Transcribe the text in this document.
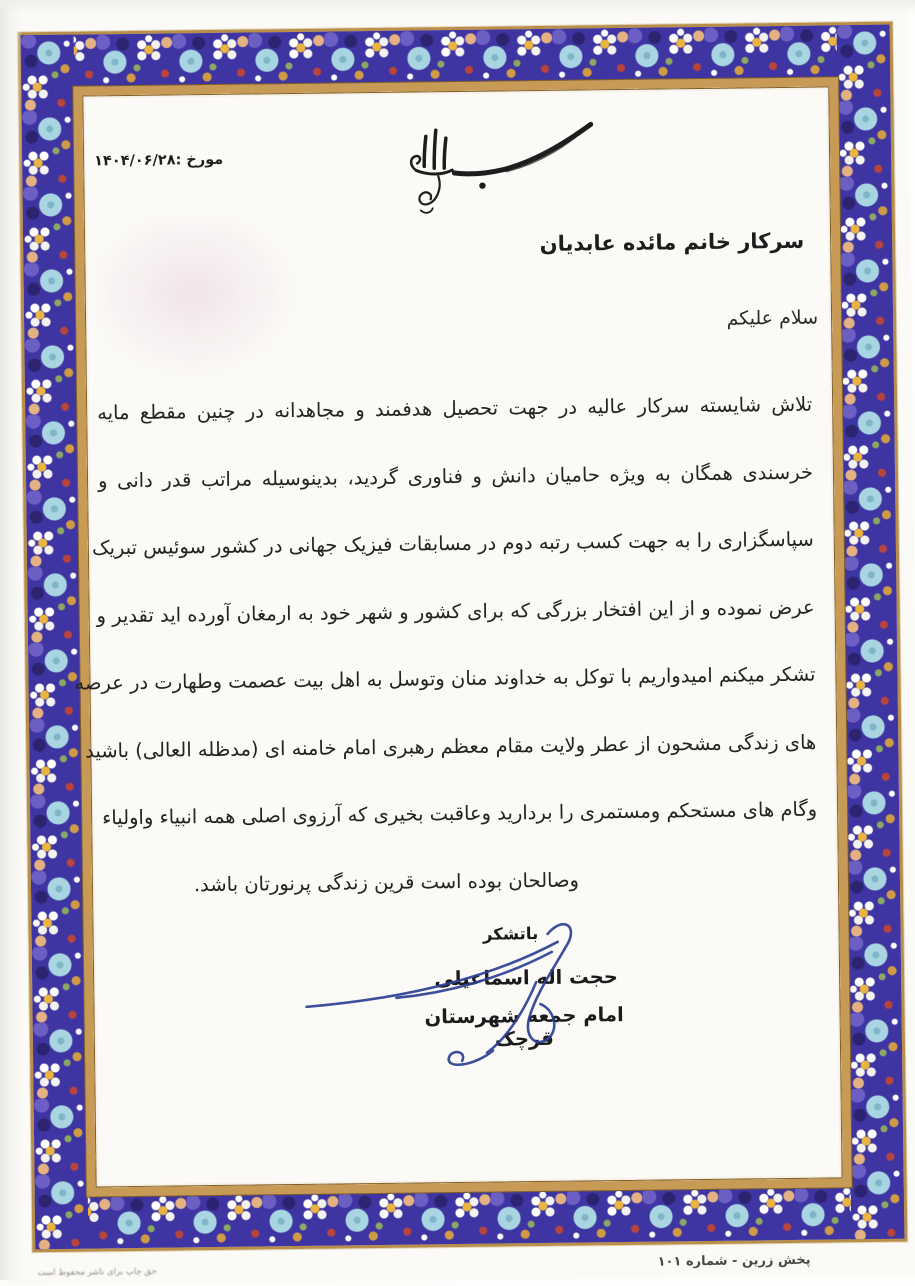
مورخ :۱۴۰۴/۰۶/۲۸
سرکار خانم مائده عابدیان
سلام علیکم
تلاش شایسته سرکار عالیه در جهت تحصیل هدفمند و مجاهدانه در چنین مقطع مایه
خرسندی همگان به ویژه حامیان دانش و فناوری گردید، بدینوسیله مراتب قدر دانی و
سپاسگزاری را به جهت کسب رتبه دوم در مسابقات فیزیک جهانی در کشور سوئیس تبریک
عرض نموده و از این افتخار بزرگی که برای کشور و شهر خود به ارمغان آورده اید تقدیر و
تشکر میکنم امیدواریم با توکل به خداوند منان وتوسل به اهل بیت عصمت وطهارت در عرصه
های زندگی مشحون از عطر ولایت مقام معظم رهبری امام خامنه ای (مدظله العالی) باشید
وگام های مستحکم ومستمری را بردارید وعاقبت بخیری که آرزوی اصلی همه انبیاء واولیاء
وصالحان بوده است قرین زندگی پرنورتان باشد.
باتشکر
حجت اله اسماعیلی
امام جمعه شهرستان قرچک
پخش زرین - شماره ۱۰۱
حق چاپ برای ناشر محفوظ است
